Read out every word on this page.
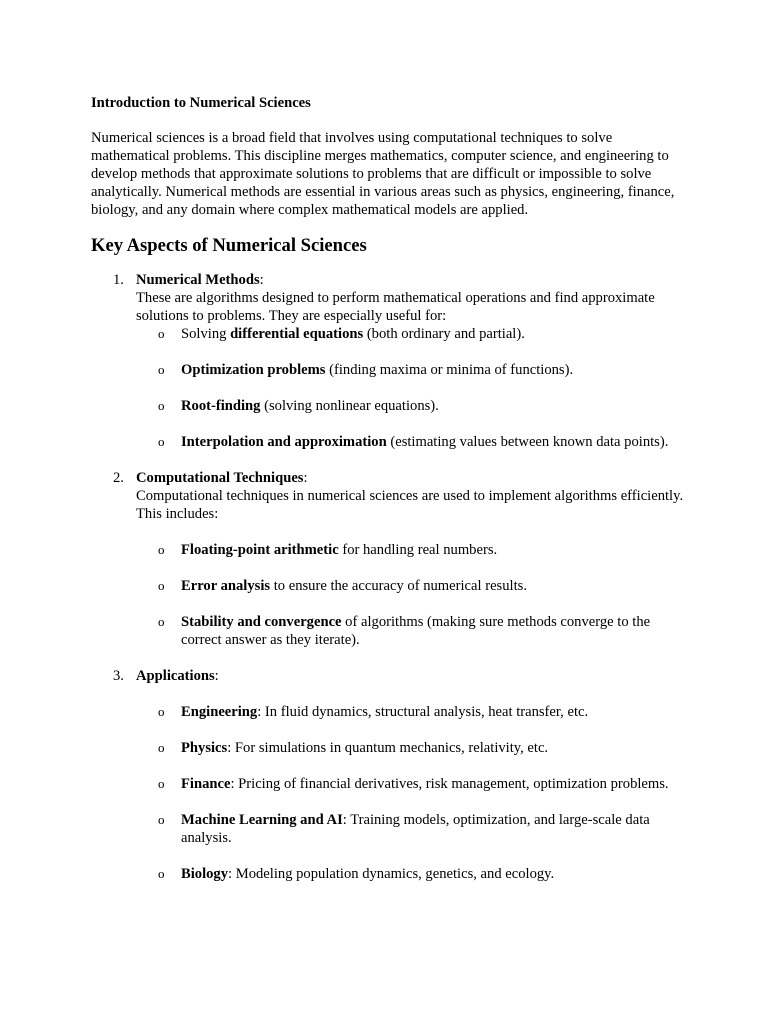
Introduction to Numerical Sciences

Numerical sciences is a broad field that involves using computational techniques to solve mathematical problems. This discipline merges mathematics, computer science, and engineering to develop methods that approximate solutions to problems that are difficult or impossible to solve analytically. Numerical methods are essential in various areas such as physics, engineering, finance, biology, and any domain where complex mathematical models are applied.

Key Aspects of Numerical Sciences
1. Numerical Methods:
These are algorithms designed to perform mathematical operations and find approximate solutions to problems. They are especially useful for:
o Solving differential equations (both ordinary and partial).
o Optimization problems (finding maxima or minima of functions).
o Root-finding (solving nonlinear equations).
o Interpolation and approximation (estimating values between known data points).
2. Computational Techniques:
Computational techniques in numerical sciences are used to implement algorithms efficiently. This includes:
o Floating-point arithmetic for handling real numbers.
o Error analysis to ensure the accuracy of numerical results.
o Stability and convergence of algorithms (making sure methods converge to the correct answer as they iterate).
3. Applications:
o Engineering: In fluid dynamics, structural analysis, heat transfer, etc.
o Physics: For simulations in quantum mechanics, relativity, etc.
o Finance: Pricing of financial derivatives, risk management, optimization problems.
o Machine Learning and AI: Training models, optimization, and large-scale data analysis.
o Biology: Modeling population dynamics, genetics, and ecology.
